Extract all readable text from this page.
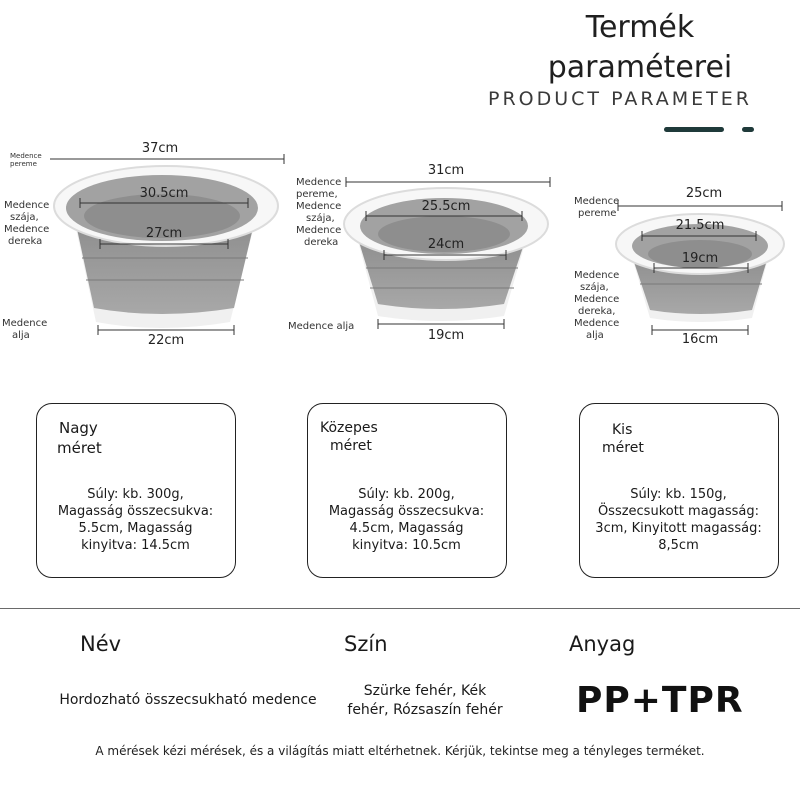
Termék
paraméterei
PRODUCT PARAMETER
Medence pereme
Medence
szája,
Medence
dereka
Medence
alja
37cm
30.5cm
27cm
22cm
Medence
pereme,
Medence
szája,
Medence
dereka
Medence alja
31cm
25.5cm
24cm
19cm
Medence
pereme
Medence
szája,
Medence
dereka,
Medence
alja
25cm
21.5cm
19cm
16cm
Nagy
méret
Súly: kb. 300g,
Magasság összecsukva:
5.5cm, Magasság
kinyitva: 14.5cm
Közepes
méret
Súly: kb. 200g,
Magasság összecsukva:
4.5cm, Magasság
kinyitva: 10.5cm
Kis
méret
Súly: kb. 150g,
Összecsukott magasság:
3cm, Kinyitott magasság:
8,5cm
Név
Hordozható összecsukható medence
Szín
Szürke fehér, Kék
fehér, Rózsaszín fehér
Anyag
PP+TPR
A mérések kézi mérések, és a világítás miatt eltérhetnek. Kérjük, tekintse meg a tényleges terméket.
